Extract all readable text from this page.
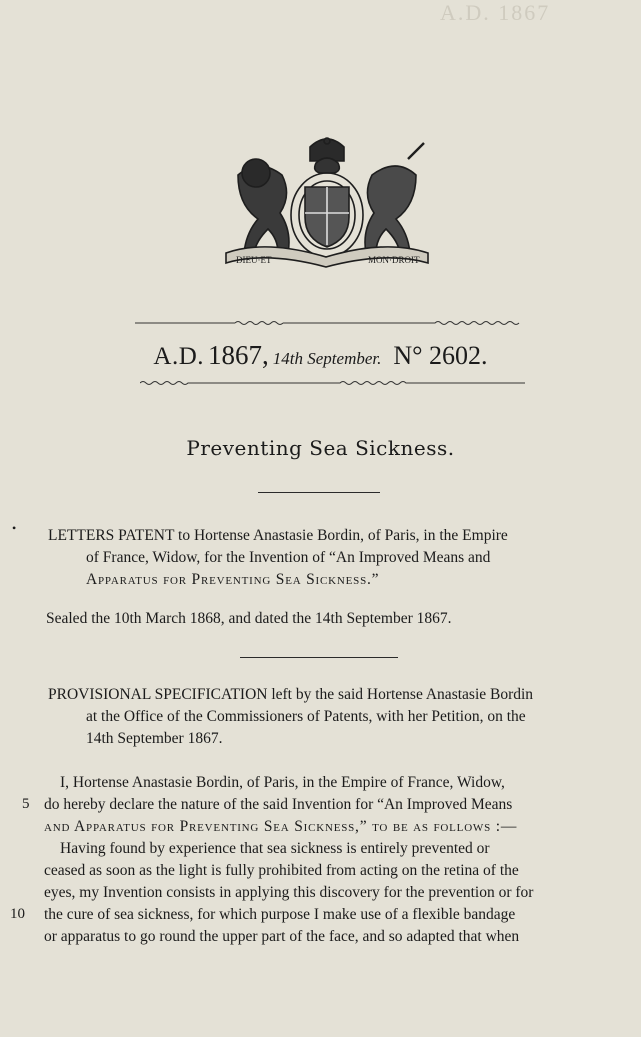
A.D. 1867
DIEU·ET	MON·DROIT
A.D. 1867, 14th September. N° 2602.
Preventing Sea Sickness.
•	LETTERS PATENT to Hortense Anastasie Bordin, of Paris, in the Empire
of France, Widow, for the Invention of “An Improved Means and
Apparatus for Preventing Sea Sickness.”
Sealed the 10th March 1868, and dated the 14th September 1867.
PROVISIONAL SPECIFICATION left by the said Hortense Anastasie Bordin
at the Office of the Commissioners of Patents, with her Petition, on the
14th September 1867.
I, Hortense Anastasie Bordin, of Paris, in the Empire of France, Widow,
do hereby declare the nature of the said Invention for “An Improved Means
and Apparatus for Preventing Sea Sickness,” to be as follows :—
Having found by experience that sea sickness is entirely prevented or
ceased as soon as the light is fully prohibited from acting on the retina of the
eyes, my Invention consists in applying this discovery for the prevention or for
the cure of sea sickness, for which purpose I make use of a flexible bandage
or apparatus to go round the upper part of the face, and so adapted that when
5
10
